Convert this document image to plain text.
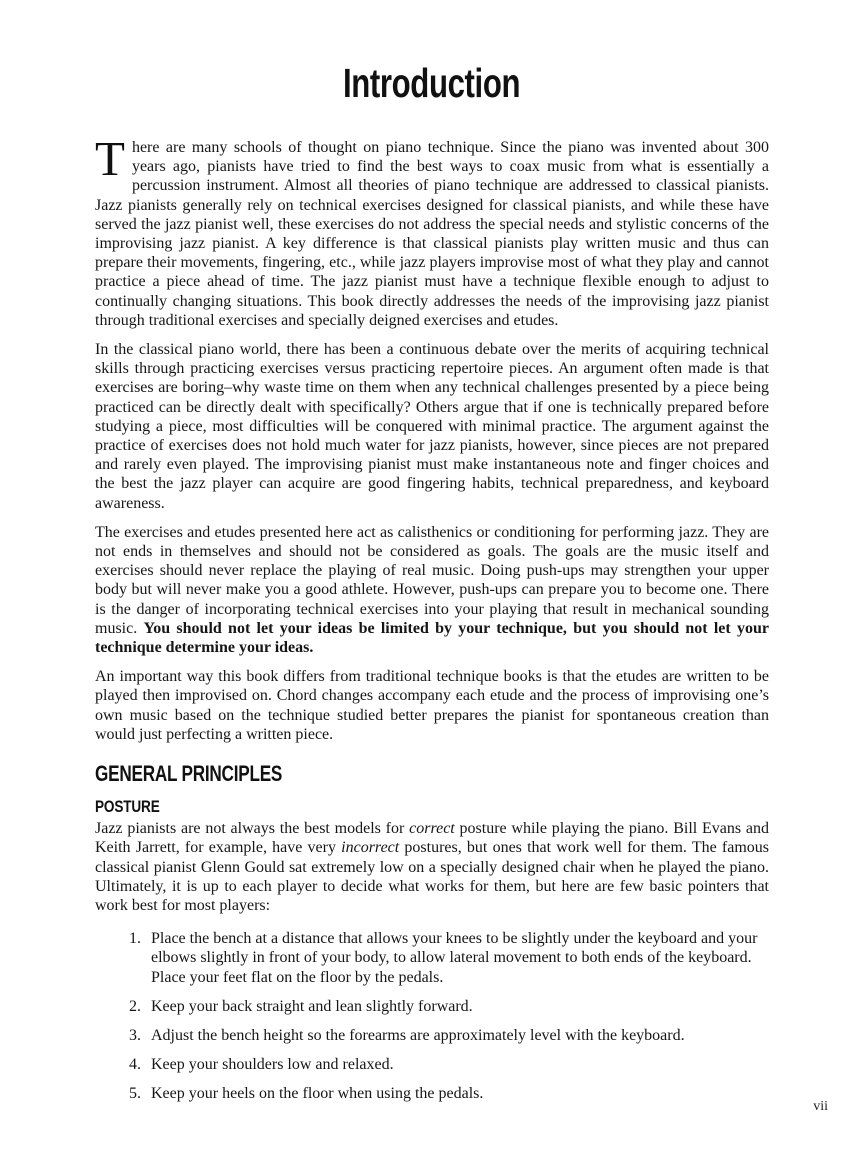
Introduction

There are many schools of thought on piano technique. Since the piano was invented about 300 years ago, pianists have tried to find the best ways to coax music from what is essentially a percussion instrument. Almost all theories of piano technique are addressed to classical pianists. Jazz pianists generally rely on technical exercises designed for classical pianists, and while these have served the jazz pianist well, these exercises do not address the special needs and stylistic concerns of the improvising jazz pianist. A key difference is that classical pianists play written music and thus can prepare their movements, fingering, etc., while jazz players improvise most of what they play and cannot practice a piece ahead of time. The jazz pianist must have a technique flexible enough to adjust to continually changing situations. This book directly addresses the needs of the improvising jazz pianist through traditional exercises and specially deigned exercises and etudes.

In the classical piano world, there has been a continuous debate over the merits of acquiring technical skills through practicing exercises versus practicing repertoire pieces. An argument often made is that exercises are boring–why waste time on them when any technical challenges presented by a piece being practiced can be directly dealt with specifically? Others argue that if one is technically prepared before studying a piece, most difficulties will be conquered with minimal practice. The argument against the practice of exercises does not hold much water for jazz pianists, however, since pieces are not prepared and rarely even played. The improvising pianist must make instantaneous note and finger choices and the best the jazz player can acquire are good fingering habits, technical preparedness, and keyboard awareness.

The exercises and etudes presented here act as calisthenics or conditioning for performing jazz. They are not ends in themselves and should not be considered as goals. The goals are the music itself and exercises should never replace the playing of real music. Doing push-ups may strengthen your upper body but will never make you a good athlete. However, push-ups can prepare you to become one. There is the danger of incorporating technical exercises into your playing that result in mechanical sounding music. You should not let your ideas be limited by your technique, but you should not let your technique determine your ideas.

An important way this book differs from traditional technique books is that the etudes are written to be played then improvised on. Chord changes accompany each etude and the process of improvising one’s own music based on the technique studied better prepares the pianist for spontaneous creation than would just perfecting a written piece.

GENERAL PRINCIPLES
POSTURE

Jazz pianists are not always the best models for correct posture while playing the piano. Bill Evans and Keith Jarrett, for example, have very incorrect postures, but ones that work well for them. The famous classical pianist Glenn Gould sat extremely low on a specially designed chair when he played the piano. Ultimately, it is up to each player to decide what works for them, but here are few basic pointers that work best for most players:

1. Place the bench at a distance that allows your knees to be slightly under the keyboard and your elbows slightly in front of your body, to allow lateral movement to both ends of the keyboard. Place your feet flat on the floor by the pedals.
2. Keep your back straight and lean slightly forward.
3. Adjust the bench height so the forearms are approximately level with the keyboard.
4. Keep your shoulders low and relaxed.
5. Keep your heels on the floor when using the pedals.
vii
